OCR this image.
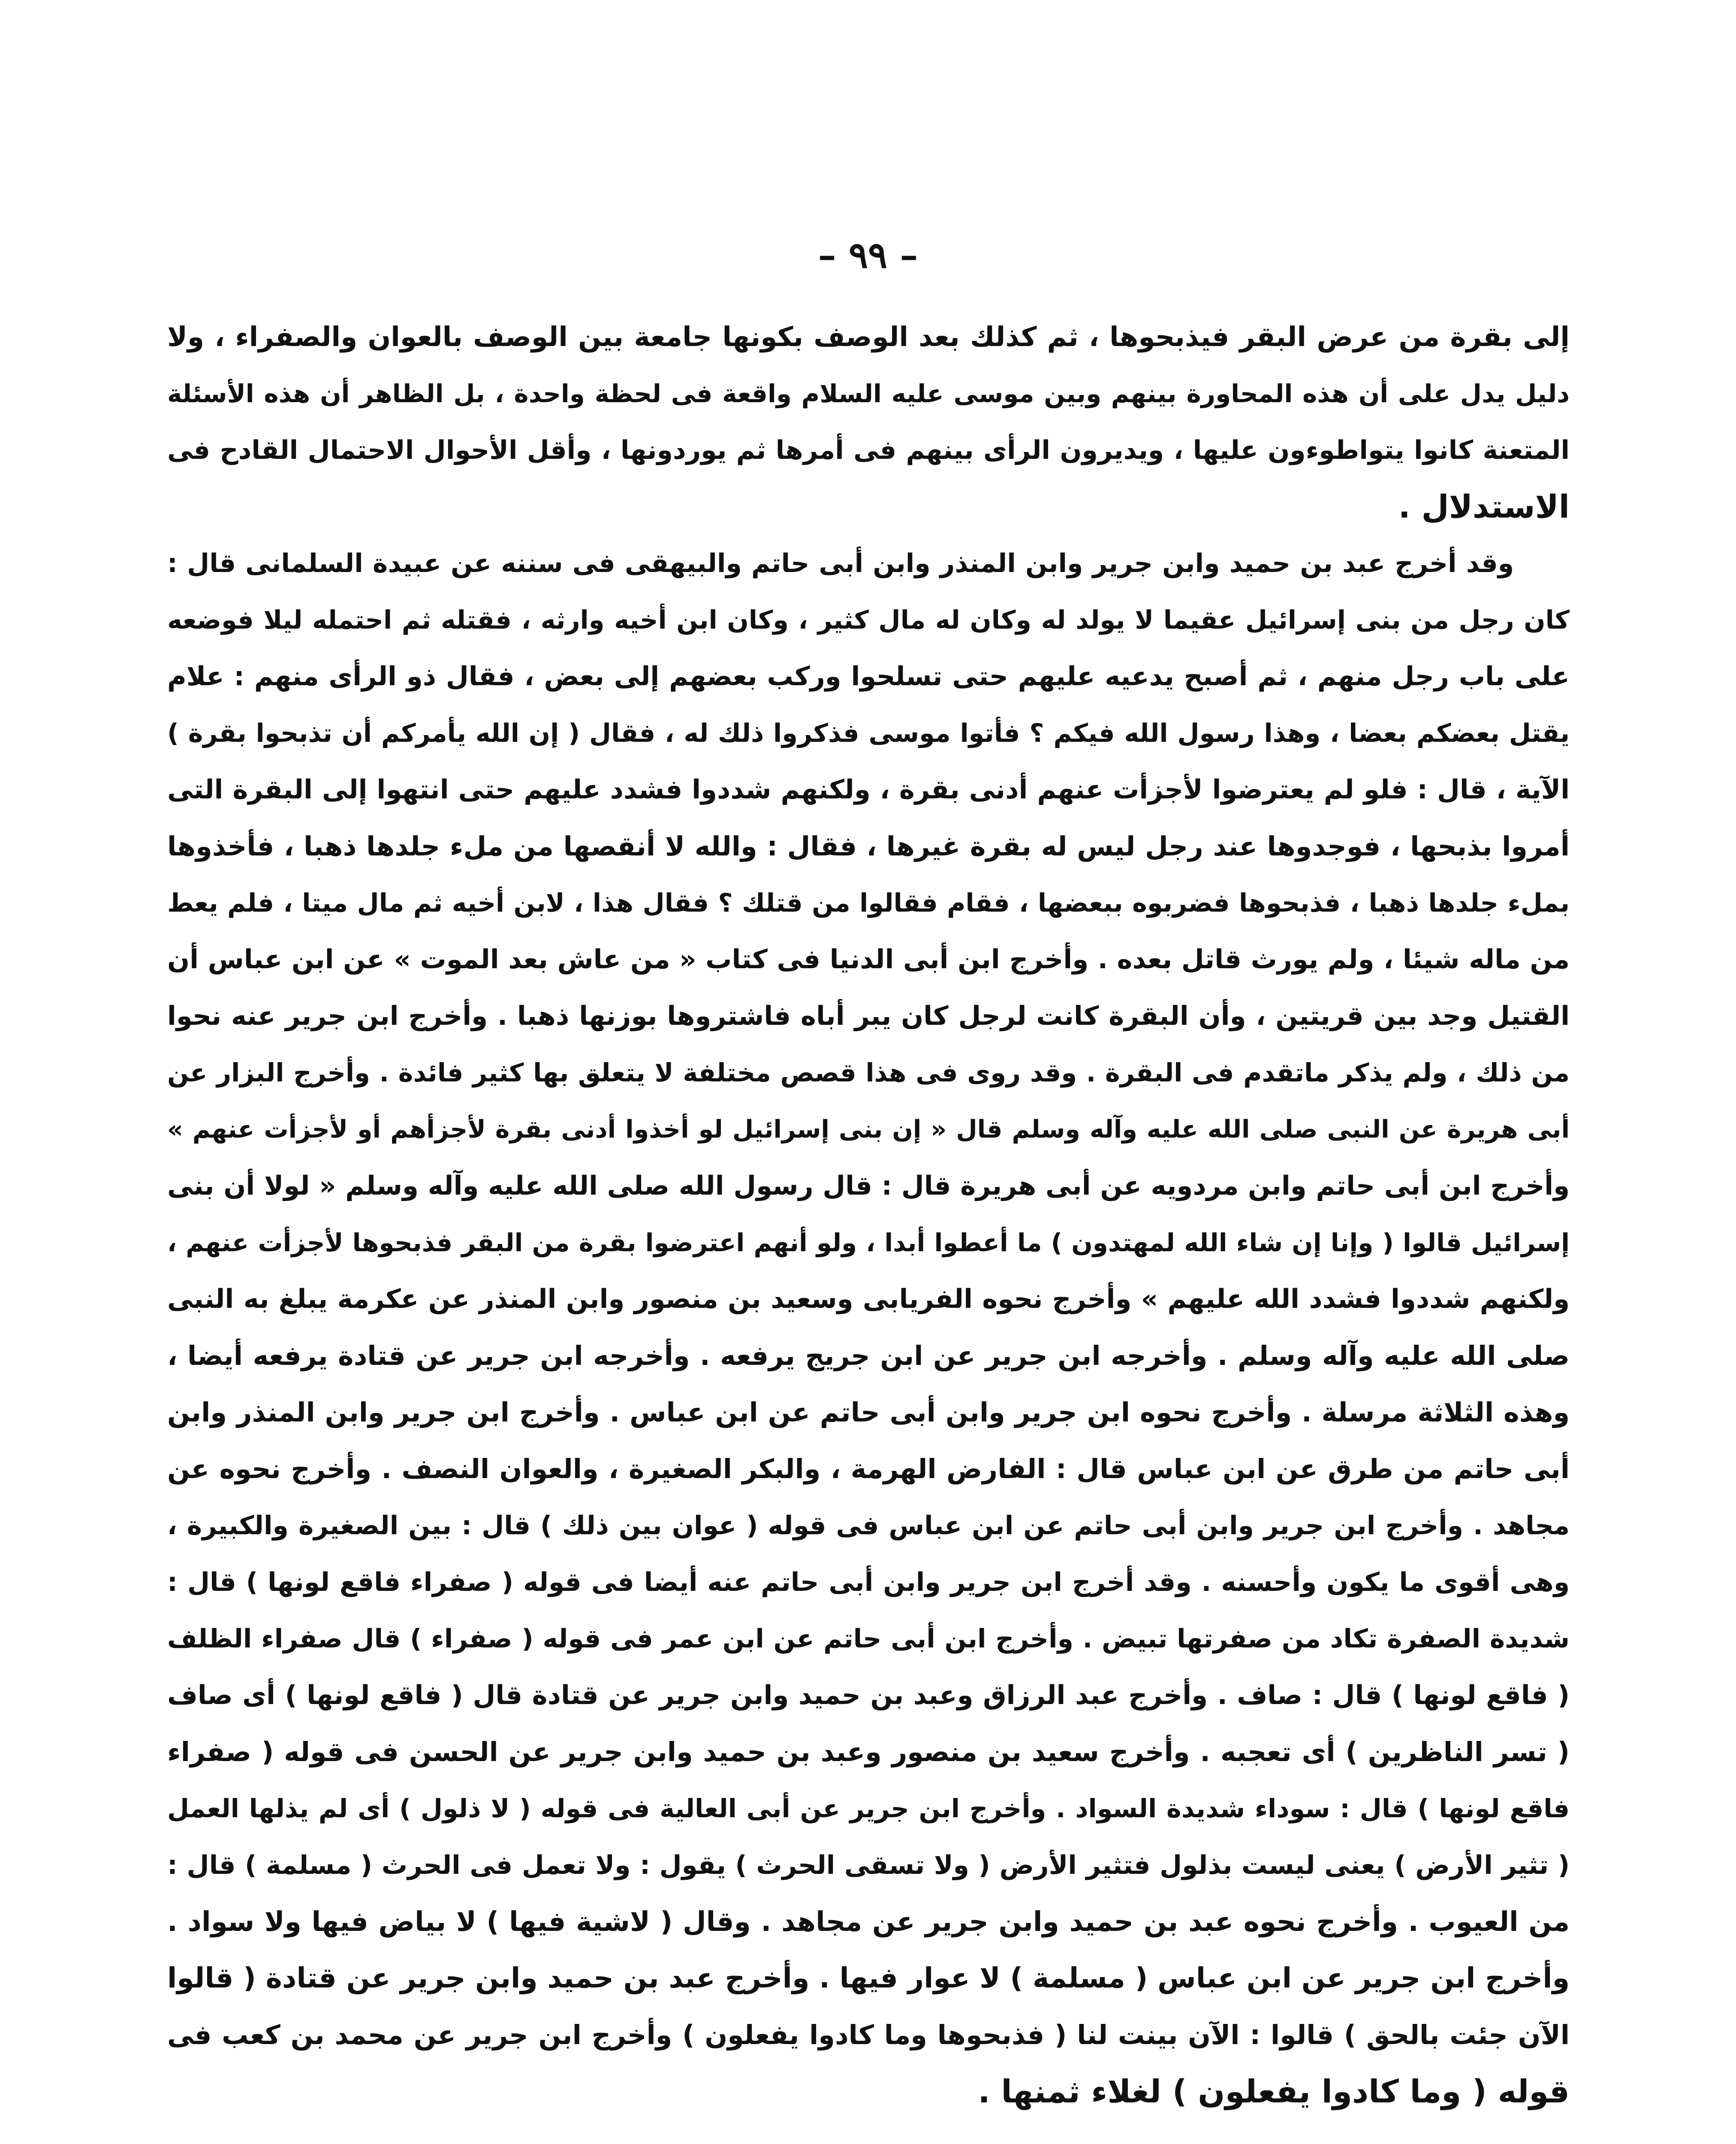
– ٩٩ –
إلى بقرة من عرض البقر فيذبحوها ، ثم كذلك بعد الوصف بكونها جامعة بين الوصف بالعوان والصفراء ، ولا
دليل يدل على أن هذه المحاورة بينهم وبين موسى عليه السلام واقعة فى لحظة واحدة ، بل الظاهر أن هذه الأسئلة
المتعنة كانوا يتواطوءون عليها ، ويديرون الرأى بينهم فى أمرها ثم يوردونها ، وأقل الأحوال الاحتمال القادح فى
الاستدلال .
وقد أخرج عبد بن حميد وابن جرير وابن المنذر وابن أبى حاتم والبيهقى فى سننه عن عبيدة السلمانى قال :
كان رجل من بنى إسرائيل عقيما لا يولد له وكان له مال كثير ، وكان ابن أخيه وارثه ، فقتله ثم احتمله ليلا فوضعه
على باب رجل منهم ، ثم أصبح يدعيه عليهم حتى تسلحوا وركب بعضهم إلى بعض ، فقال ذو الرأى منهم : علام
يقتل بعضكم بعضا ، وهذا رسول الله فيكم ؟ فأتوا موسى فذكروا ذلك له ، فقال ( إن الله يأمركم أن تذبحوا بقرة )
الآية ، قال : فلو لم يعترضوا لأجزأت عنهم أدنى بقرة ، ولكنهم شددوا فشدد عليهم حتى انتهوا إلى البقرة التى
أمروا بذبحها ، فوجدوها عند رجل ليس له بقرة غيرها ، فقال : والله لا أنقصها من ملء جلدها ذهبا ، فأخذوها
بملء جلدها ذهبا ، فذبحوها فضربوه ببعضها ، فقام فقالوا من قتلك ؟ فقال هذا ، لابن أخيه ثم مال ميتا ، فلم يعط
من ماله شيئا ، ولم يورث قاتل بعده . وأخرج ابن أبى الدنيا فى كتاب « من عاش بعد الموت » عن ابن عباس أن
القتيل وجد بين قريتين ، وأن البقرة كانت لرجل كان يبر أباه فاشتروها بوزنها ذهبا . وأخرج ابن جرير عنه نحوا
من ذلك ، ولم يذكر ماتقدم فى البقرة . وقد روى فى هذا قصص مختلفة لا يتعلق بها كثير فائدة . وأخرج البزار عن
أبى هريرة عن النبى صلى الله عليه وآله وسلم قال « إن بنى إسرائيل لو أخذوا أدنى بقرة لأجزأهم أو لأجزأت عنهم »
وأخرج ابن أبى حاتم وابن مردويه عن أبى هريرة قال : قال رسول الله صلى الله عليه وآله وسلم « لولا أن بنى
إسرائيل قالوا ( وإنا إن شاء الله لمهتدون ) ما أعطوا أبدا ، ولو أنهم اعترضوا بقرة من البقر فذبحوها لأجزأت عنهم ،
ولكنهم شددوا فشدد الله عليهم » وأخرج نحوه الفريابى وسعيد بن منصور وابن المنذر عن عكرمة يبلغ به النبى
صلى الله عليه وآله وسلم . وأخرجه ابن جرير عن ابن جريج يرفعه . وأخرجه ابن جرير عن قتادة يرفعه أيضا ،
وهذه الثلاثة مرسلة . وأخرج نحوه ابن جرير وابن أبى حاتم عن ابن عباس . وأخرج ابن جرير وابن المنذر وابن
أبى حاتم من طرق عن ابن عباس قال : الفارض الهرمة ، والبكر الصغيرة ، والعوان النصف . وأخرج نحوه عن
مجاهد . وأخرج ابن جرير وابن أبى حاتم عن ابن عباس فى قوله ( عوان بين ذلك ) قال : بين الصغيرة والكبيرة ،
وهى أقوى ما يكون وأحسنه . وقد أخرج ابن جرير وابن أبى حاتم عنه أيضا فى قوله ( صفراء فاقع لونها ) قال :
شديدة الصفرة تكاد من صفرتها تبيض . وأخرج ابن أبى حاتم عن ابن عمر فى قوله ( صفراء ) قال صفراء الظلف
( فاقع لونها ) قال : صاف . وأخرج عبد الرزاق وعبد بن حميد وابن جرير عن قتادة قال ( فاقع لونها ) أى صاف
( تسر الناظرين ) أى تعجبه . وأخرج سعيد بن منصور وعبد بن حميد وابن جرير عن الحسن فى قوله ( صفراء
فاقع لونها ) قال : سوداء شديدة السواد . وأخرج ابن جرير عن أبى العالية فى قوله ( لا ذلول ) أى لم يذلها العمل
( تثير الأرض ) يعنى ليست بذلول فتثير الأرض ( ولا تسقى الحرث ) يقول : ولا تعمل فى الحرث ( مسلمة ) قال :
من العيوب . وأخرج نحوه عبد بن حميد وابن جرير عن مجاهد . وقال ( لاشية فيها ) لا بياض فيها ولا سواد .
وأخرج ابن جرير عن ابن عباس ( مسلمة ) لا عوار فيها . وأخرج عبد بن حميد وابن جرير عن قتادة ( قالوا
الآن جئت بالحق ) قالوا : الآن بينت لنا ( فذبحوها وما كادوا يفعلون ) وأخرج ابن جرير عن محمد بن كعب فى
قوله ( وما كادوا يفعلون ) لغلاء ثمنها .
